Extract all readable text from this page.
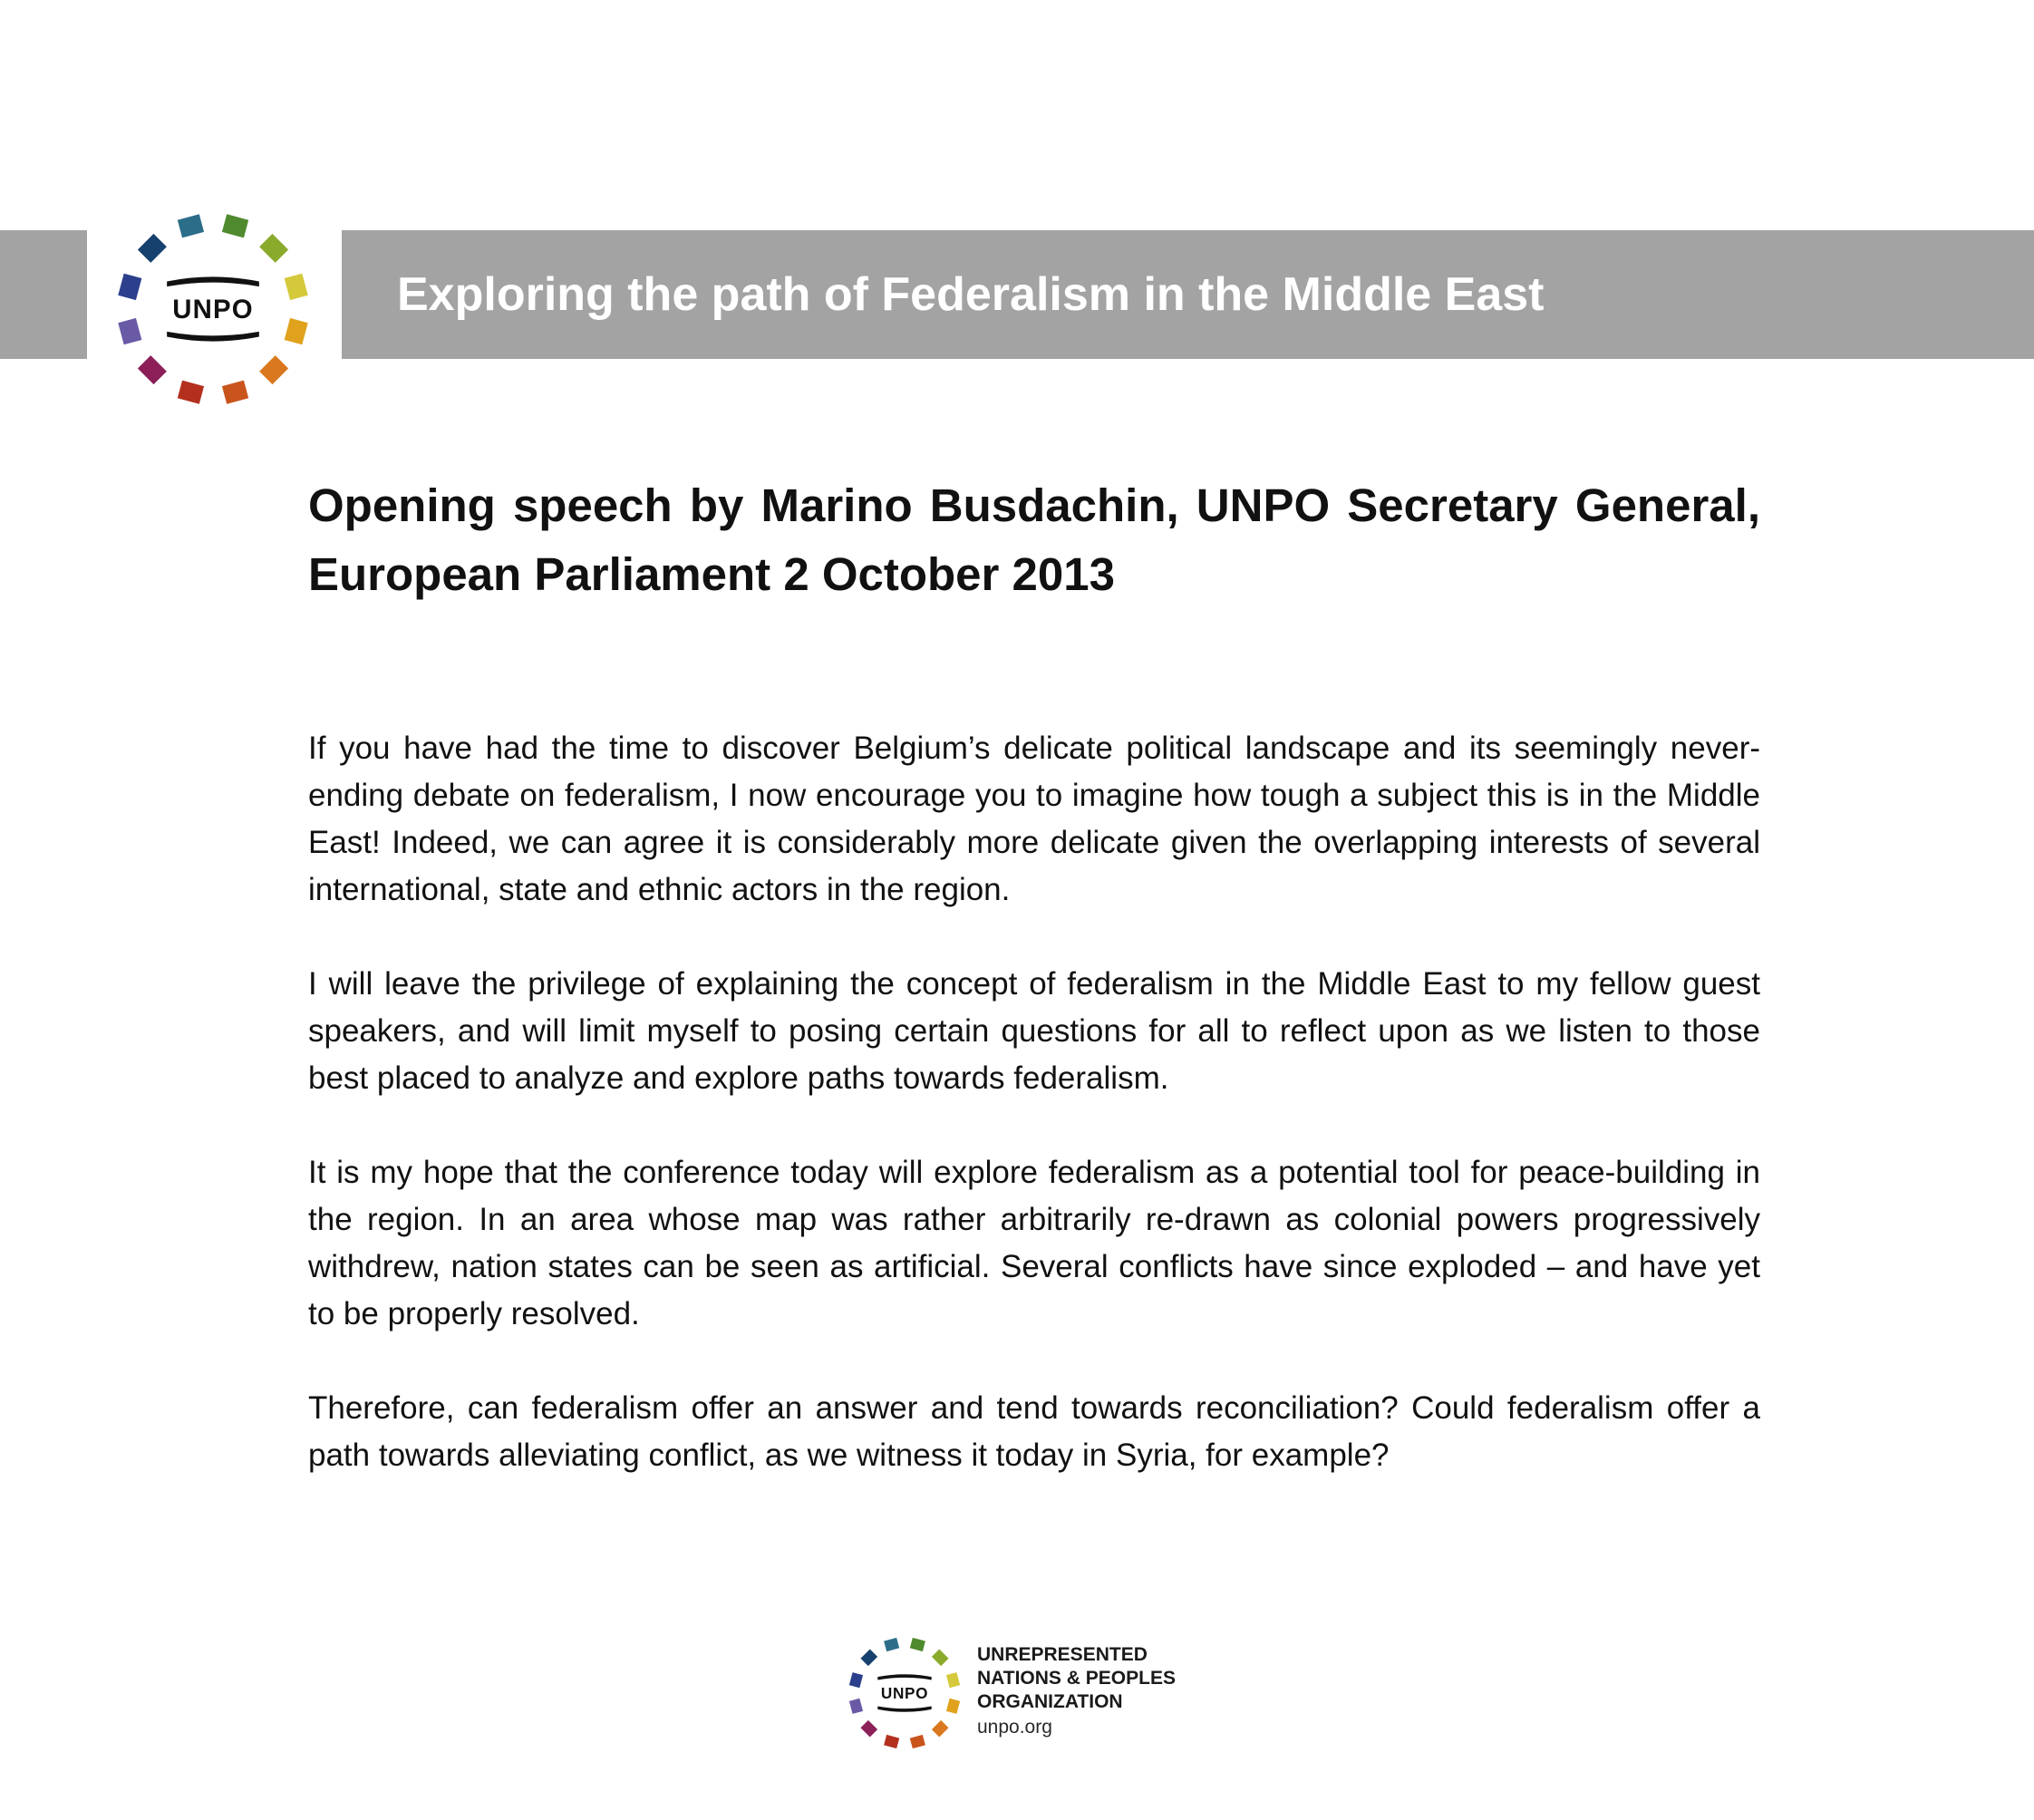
Exploring the path of Federalism in the Middle East
UNPO
Opening speech by Marino Busdachin, UNPO Secretary General, European Parliament 2 October 2013

If you have had the time to discover Belgium’s delicate political landscape and its seemingly never-ending debate on federalism, I now encourage you to imagine how tough a subject this is in the Middle East! Indeed, we can agree it is considerably more delicate given the overlapping interests of several international, state and ethnic actors in the region.

I will leave the privilege of explaining the concept of federalism in the Middle East to my fellow guest speakers, and will limit myself to posing certain questions for all to reflect upon as we listen to those best placed to analyze and explore paths towards federalism.

It is my hope that the conference today will explore federalism as a potential tool for peace-building in the region. In an area whose map was rather arbitrarily re-drawn as colonial powers progressively withdrew, nation states can be seen as artificial. Several conflicts have since exploded – and have yet to be properly resolved.

Therefore, can federalism offer an answer and tend towards reconciliation? Could federalism offer a path towards alleviating conflict, as we witness it today in Syria, for example?

UNPO

UNREPRESENTED
NATIONS & PEOPLES
ORGANIZATION

unpo.org
